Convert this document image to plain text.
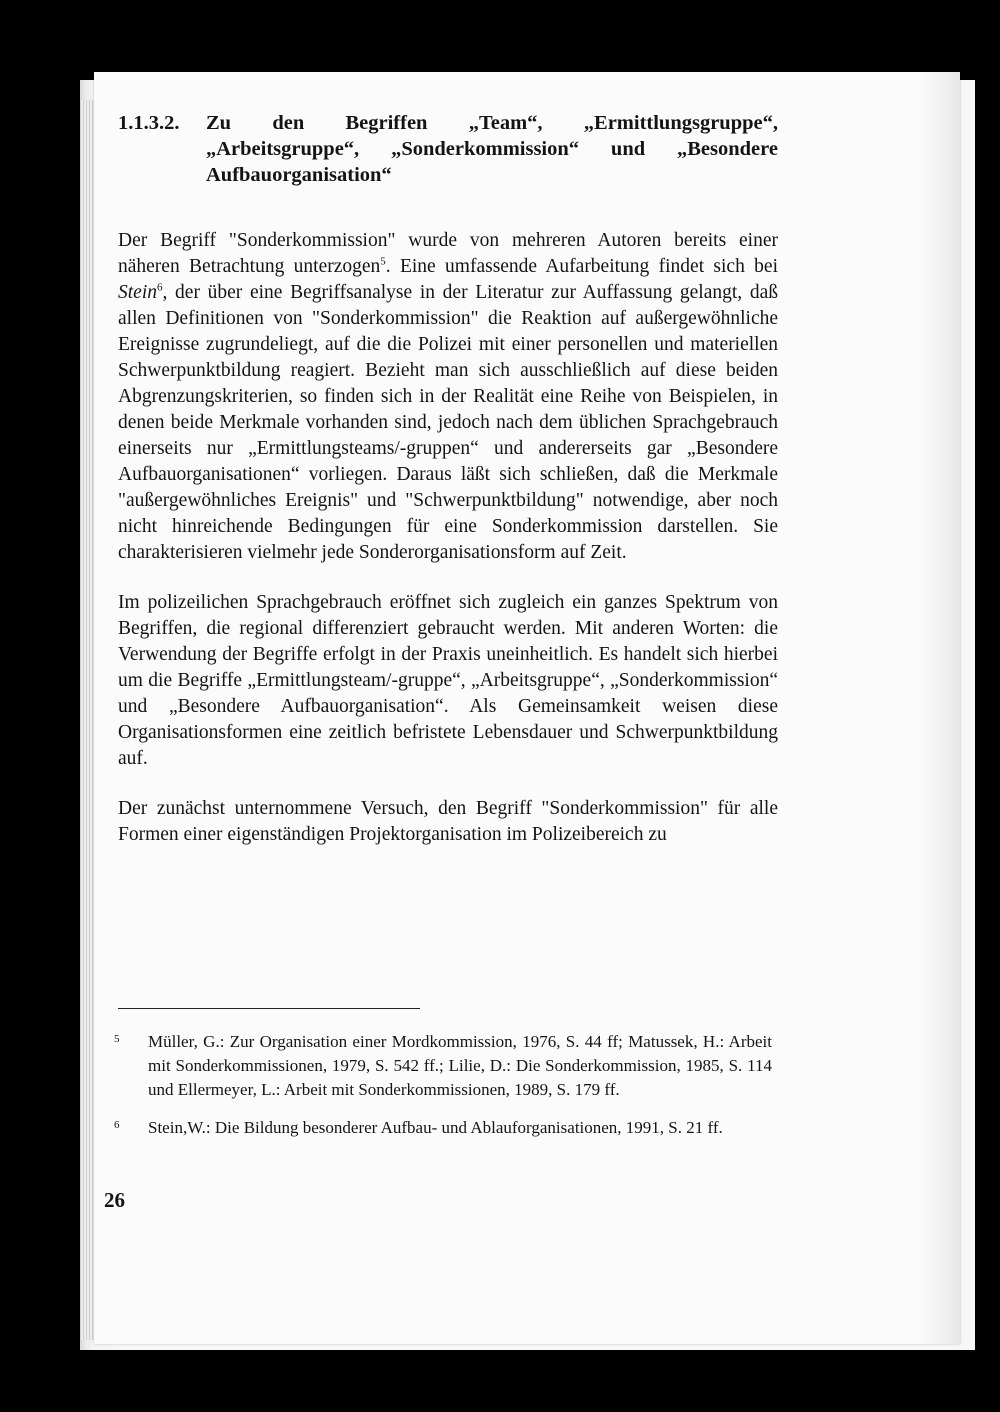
1.1.3.2. Zu den Begriffen „Team“, „Ermittlungsgruppe“, „Arbeitsgruppe“, „Sonderkommission“ und „Besondere Aufbauorganisation“

Der Begriff "Sonderkommission" wurde von mehreren Autoren bereits einer näheren Betrachtung unterzogen$^5$. Eine umfassende Aufarbeitung findet sich bei Stein$^6$, der über eine Begriffsanalyse in der Literatur zur Auffassung gelangt, daß allen Definitionen von "Sonderkommission" die Reaktion auf außergewöhnliche Ereignisse zugrundeliegt, auf die die Polizei mit einer personellen und materiellen Schwerpunktbildung reagiert. Bezieht man sich ausschließlich auf diese beiden Abgrenzungskriterien, so finden sich in der Realität eine Reihe von Beispielen, in denen beide Merkmale vorhanden sind, jedoch nach dem üblichen Sprachgebrauch einerseits nur „Ermittlungsteams/-gruppen“ und andererseits gar „Besondere Aufbauorganisationen“ vorliegen. Daraus läßt sich schließen, daß die Merkmale "außergewöhnliches Ereignis" und "Schwerpunktbildung" notwendige, aber noch nicht hinreichende Bedingungen für eine Sonderkommission darstellen. Sie charakterisieren vielmehr jede Sonderorganisationsform auf Zeit.

Im polizeilichen Sprachgebrauch eröffnet sich zugleich ein ganzes Spektrum von Begriffen, die regional differenziert gebraucht werden. Mit anderen Worten: die Verwendung der Begriffe erfolgt in der Praxis uneinheitlich. Es handelt sich hierbei um die Begriffe „Ermittlungsteam/-gruppe“, „Arbeitsgruppe“, „Sonderkommission“ und „Besondere Aufbauorganisation“. Als Gemeinsamkeit weisen diese Organisationsformen eine zeitlich befristete Lebensdauer und Schwerpunktbildung auf.

Der zunächst unternommene Versuch, den Begriff "Sonderkommission" für alle Formen einer eigenständigen Projektorganisation im Polizeibereich zu

5 Müller, G.: Zur Organisation einer Mordkommission, 1976, S. 44 ff; Matussek, H.: Arbeit mit Sonderkommissionen, 1979, S. 542 ff.; Lilie, D.: Die Sonderkommission, 1985, S. 114 und Ellermeyer, L.: Arbeit mit Sonderkommissionen, 1989, S. 179 ff.
6 Stein,W.: Die Bildung besonderer Aufbau- und Ablauforganisationen, 1991, S. 21 ff.
26
